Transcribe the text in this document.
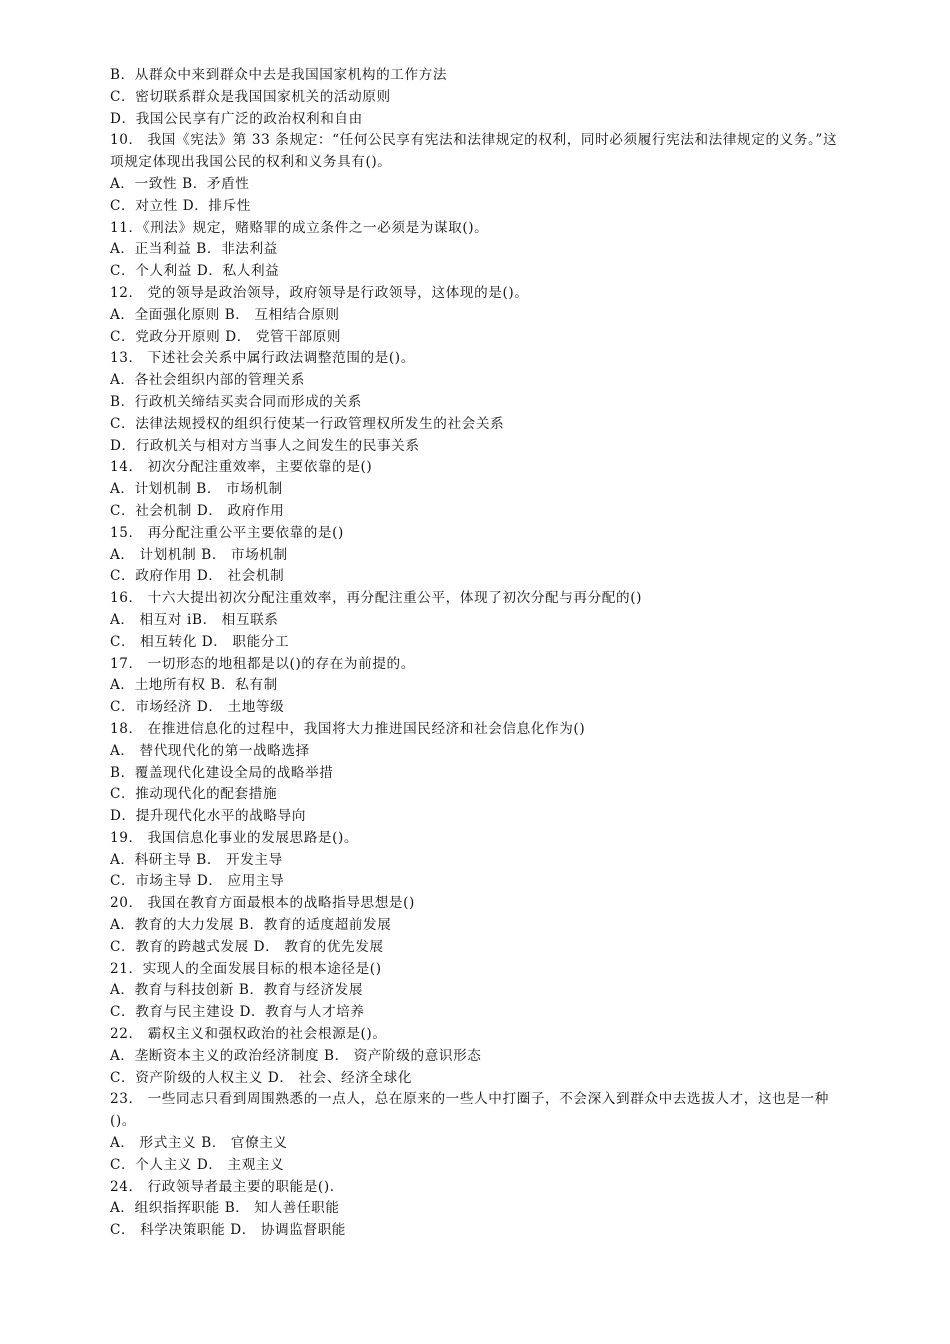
B．从群众中来到群众中去是我国国家机构的工作方法
C．密切联系群众是我国国家机关的活动原则
D．我国公民享有广泛的政治权利和自由
10． 我国《宪法》第 33 条规定：“任何公民享有宪法和法律规定的权利，同时必须履行宪法和法律规定的义务。”这项规定体现出我国公民的权利和义务具有()。
A．一致性 B．矛盾性
C．对立性 D．排斥性
11．《刑法》规定，赌赂罪的成立条件之一必须是为谋取()。
A．正当利益 B．非法利益
C．个人利益 D．私人利益
12． 党的领导是政治领导，政府领导是行政领导，这体现的是()。
A．全面强化原则 B． 互相结合原则
C．党政分开原则 D． 党管干部原则
13． 下述社会关系中属行政法调整范围的是()。
A．各社会组织内部的管理关系
B．行政机关缔结买卖合同而形成的关系
C．法律法规授权的组织行使某一行政管理权所发生的社会关系
D．行政机关与相对方当事人之间发生的民事关系
14． 初次分配注重效率，主要依靠的是()
A．计划机制 B． 市场机制
C．社会机制 D． 政府作用
15． 再分配注重公平主要依靠的是()
A． 计划机制 B． 市场机制
C．政府作用 D． 社会机制
16． 十六大提出初次分配注重效率，再分配注重公平，体现了初次分配与再分配的()
A． 相互对 iB． 相互联系
C． 相互转化 D． 职能分工
17． 一切形态的地租都是以()的存在为前提的。
A．土地所有权 B．私有制
C．市场经济 D． 土地等级
18． 在推进信息化的过程中，我国将大力推进国民经济和社会信息化作为()
A． 替代现代化的第一战略选择
B．覆盖现代化建设全局的战略举措
C．推动现代化的配套措施
D．提升现代化水平的战略导向
19． 我国信息化事业的发展思路是()。
A．科研主导 B． 开发主导
C．市场主导 D． 应用主导
20． 我国在教育方面最根本的战略指导思想是()
A．教育的大力发展 B．教育的适度超前发展
C．教育的跨越式发展 D． 教育的优先发展
21．实现人的全面发展目标的根本途径是()
A．教育与科技创新 B．教育与经济发展
C．教育与民主建设 D．教育与人才培养
22． 霸权主义和强权政治的社会根源是()。
A．垄断资本主义的政治经济制度 B． 资产阶级的意识形态
C．资产阶级的人权主义 D． 社会、经济全球化
23． 一些同志只看到周围熟悉的一点人，总在原来的一些人中打圈子，不会深入到群众中去选拔人才，这也是一种()。
A． 形式主义 B． 官僚主义
C．个人主义 D． 主观主义
24． 行政领导者最主要的职能是().
A．组织指挥职能 B． 知人善任职能
C． 科学决策职能 D． 协调监督职能
